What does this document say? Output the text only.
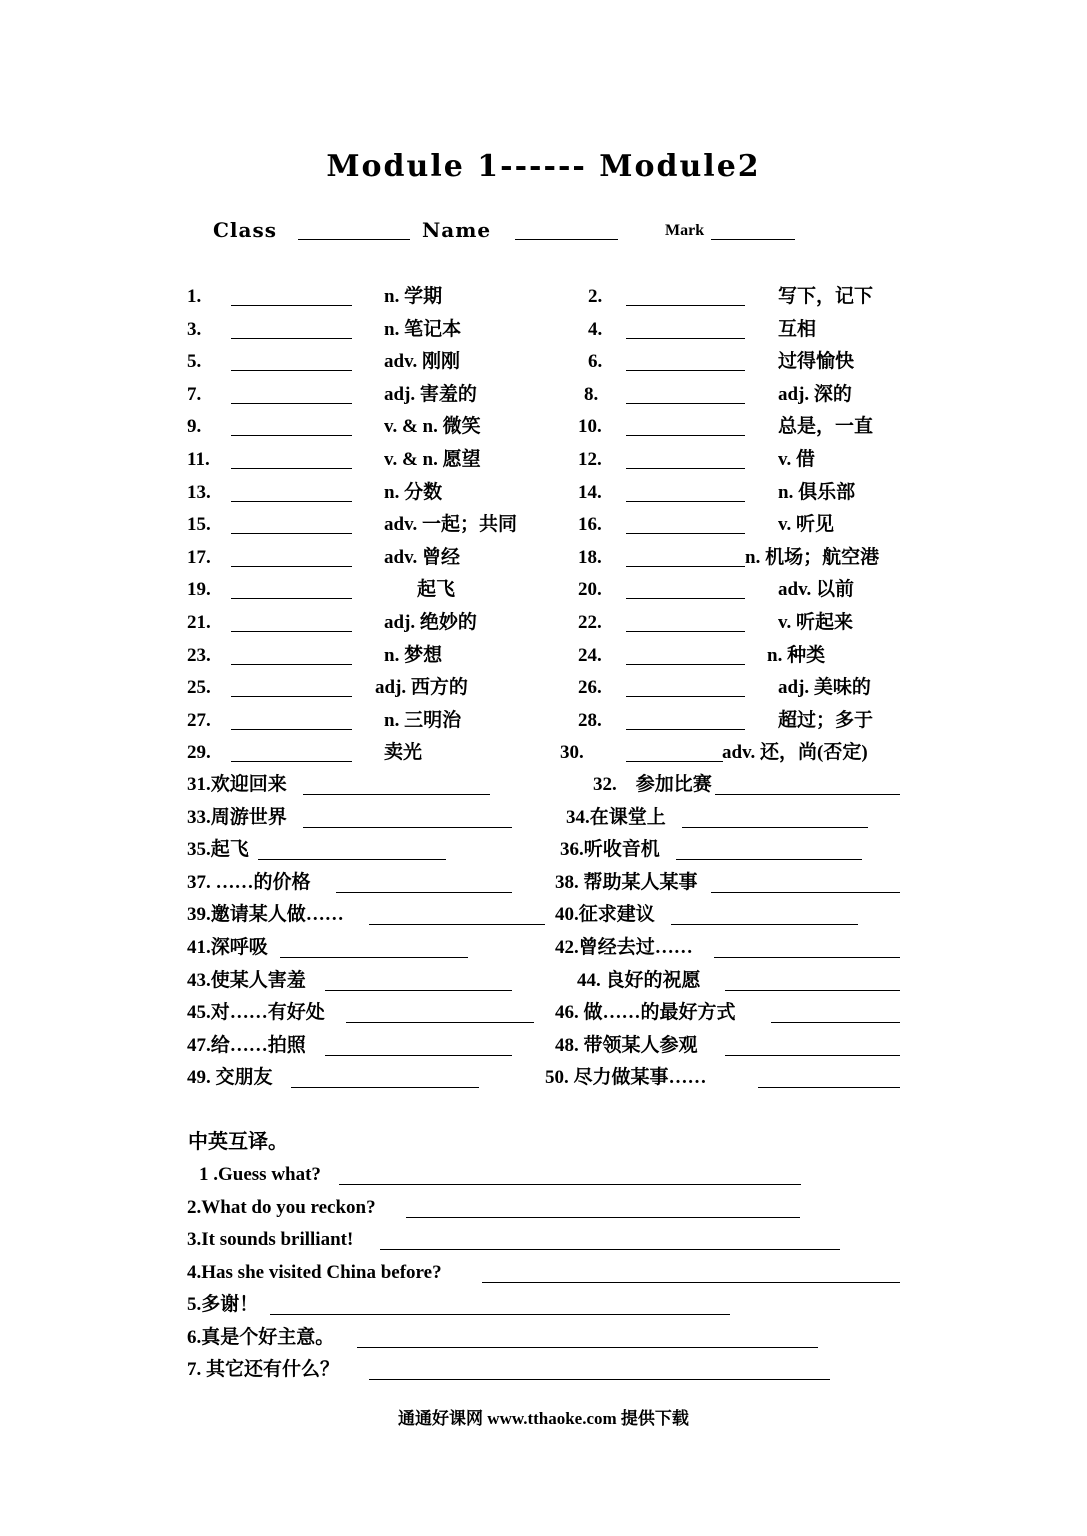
Module 1------ Module2
Class	Name	Mark
1.	n. 学期	2.	写下，记下
3.	n. 笔记本	4.	互相
5.	adv. 刚刚	6.	过得愉快
7.	adj. 害羞的	8.	adj. 深的
9.	v. & n. 微笑	10.	总是，一直
11.	v. & n. 愿望	12.	v. 借
13.	n. 分数	14.	n. 俱乐部
15.	adv. 一起；共同	16.	v. 听见
17.	adv. 曾经	18.	n. 机场；航空港
19.	起飞	20.	adv. 以前
21.	adj. 绝妙的	22.	v. 听起来
23.	n. 梦想	24.	n. 种类
25.	adj. 西方的	26.	adj. 美味的
27.	n. 三明治	28.	超过；多于
29.	卖光	30.	adv. 还，尚(否定)
31.欢迎回来	32.　参加比赛
33.周游世界	34.在课堂上
35.起飞	36.听收音机
37. ……的价格	38. 帮助某人某事
39.邀请某人做……	40.征求建议
41.深呼吸	42.曾经去过……
43.使某人害羞	44. 良好的祝愿
45.对……有好处	46. 做……的最好方式
47.给……拍照	48. 带领某人参观
49. 交朋友	50. 尽力做某事……
中英互译。
1 .Guess what?
2.What do you reckon?
3.It sounds brilliant!
4.Has she visited China before?
5.多谢！
6.真是个好主意。
7. 其它还有什么？
通通好课网 www.tthaoke.com 提供下载
